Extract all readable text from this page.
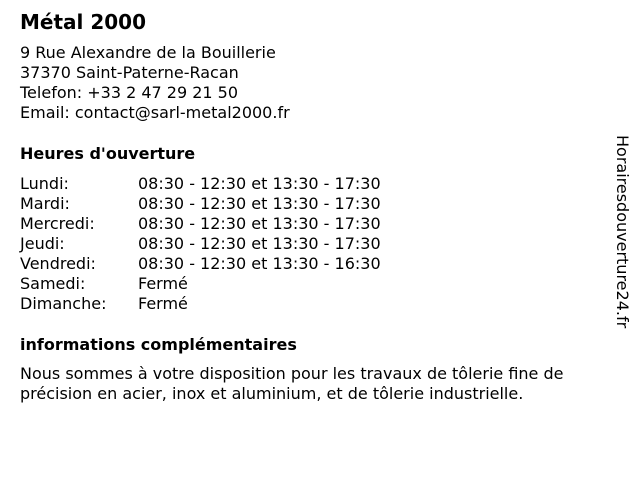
Métal 2000
9 Rue Alexandre de la Bouillerie
37370 Saint-Paterne-Racan
Telefon: +33 2 47 29 21 50
Email: contact@sarl-metal2000.fr
Heures d'ouverture
Lundi:	08:30 - 12:30 et 13:30 - 17:30
Mardi:	08:30 - 12:30 et 13:30 - 17:30
Mercredi:	08:30 - 12:30 et 13:30 - 17:30
Jeudi:	08:30 - 12:30 et 13:30 - 17:30
Vendredi:	08:30 - 12:30 et 13:30 - 16:30
Samedi:	Fermé
Dimanche:	Fermé
informations complémentaires
Nous sommes à votre disposition pour les travaux de tôlerie fine de précision en acier, inox et aluminium, et de tôlerie industrielle.
Horairesdouverture24.fr
